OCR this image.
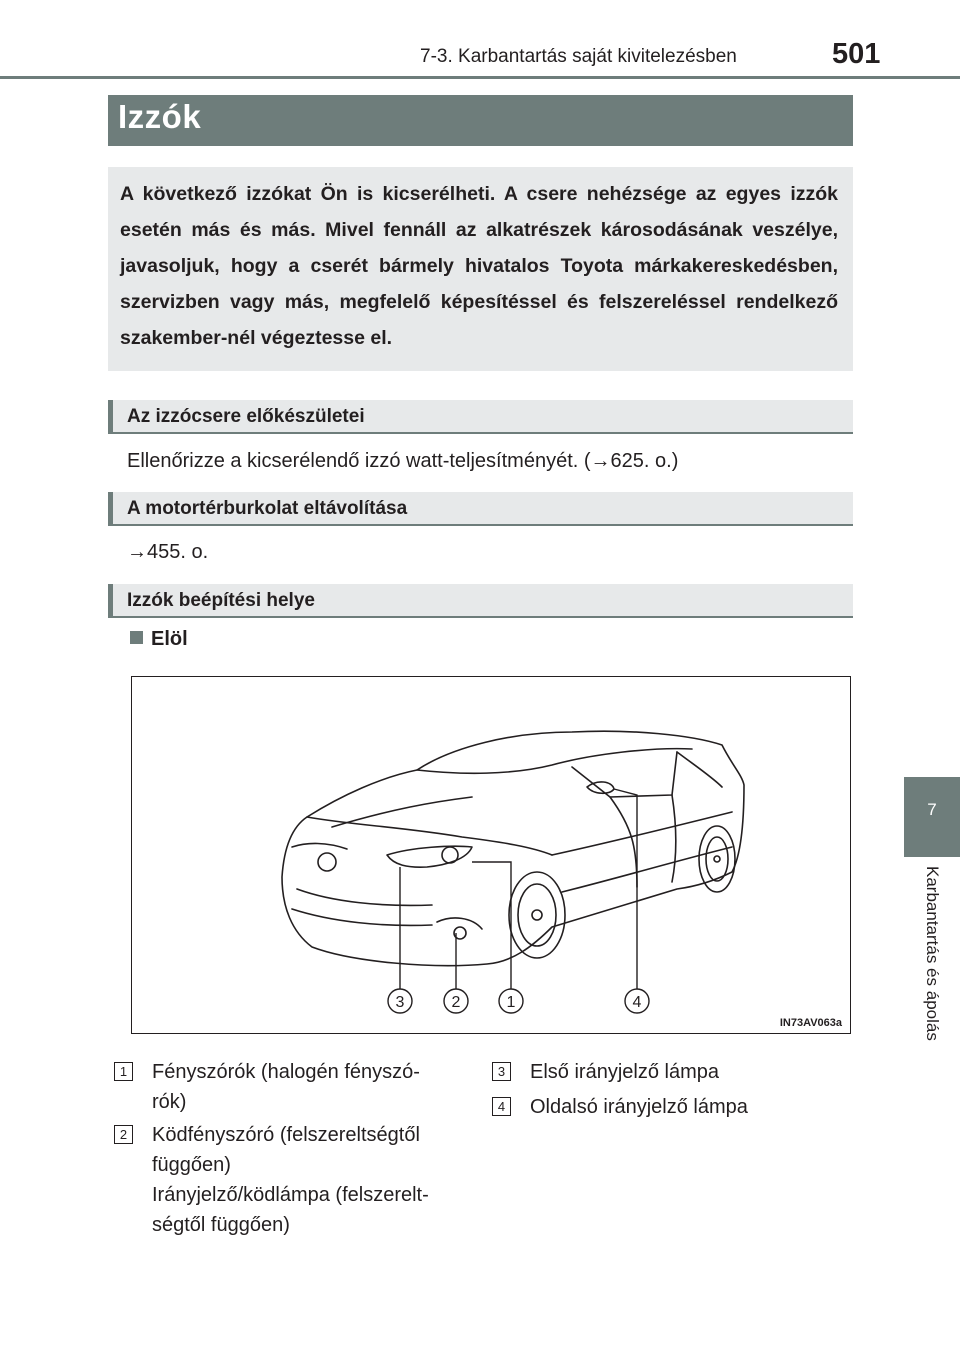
7-3. Karbantartás saját kivitelezésben	501
7
Karbantartás és ápolás
Izzók
A következő izzókat Ön is kicserélheti. A csere nehézsége az egyes izzók esetén más és más. Mivel fennáll az alkatrészek károsodásának veszélye, javasoljuk, hogy a cserét bármely hivatalos Toyota márkakereskedésben, szervizben vagy más, megfelelő képesítéssel és felszereléssel rendelkező szakember-nél végeztesse el.
Az izzócsere előkészületei
Ellenőrizze a kicserélendő izzó watt-teljesítményét. (→625. o.)
A motortérburkolat eltávolítása
→455. o.
Izzók beépítési helye
Elöl
3	2	1	4
IN73AV063a
1 Fényszórók (halogén fényszó-
rók)
2 Ködfényszóró (felszereltségtől
függően)
Irányjelző/ködlámpa (felszerelt-
ségtől függően)
3 Első irányjelző lámpa
4 Oldalsó irányjelző lámpa
